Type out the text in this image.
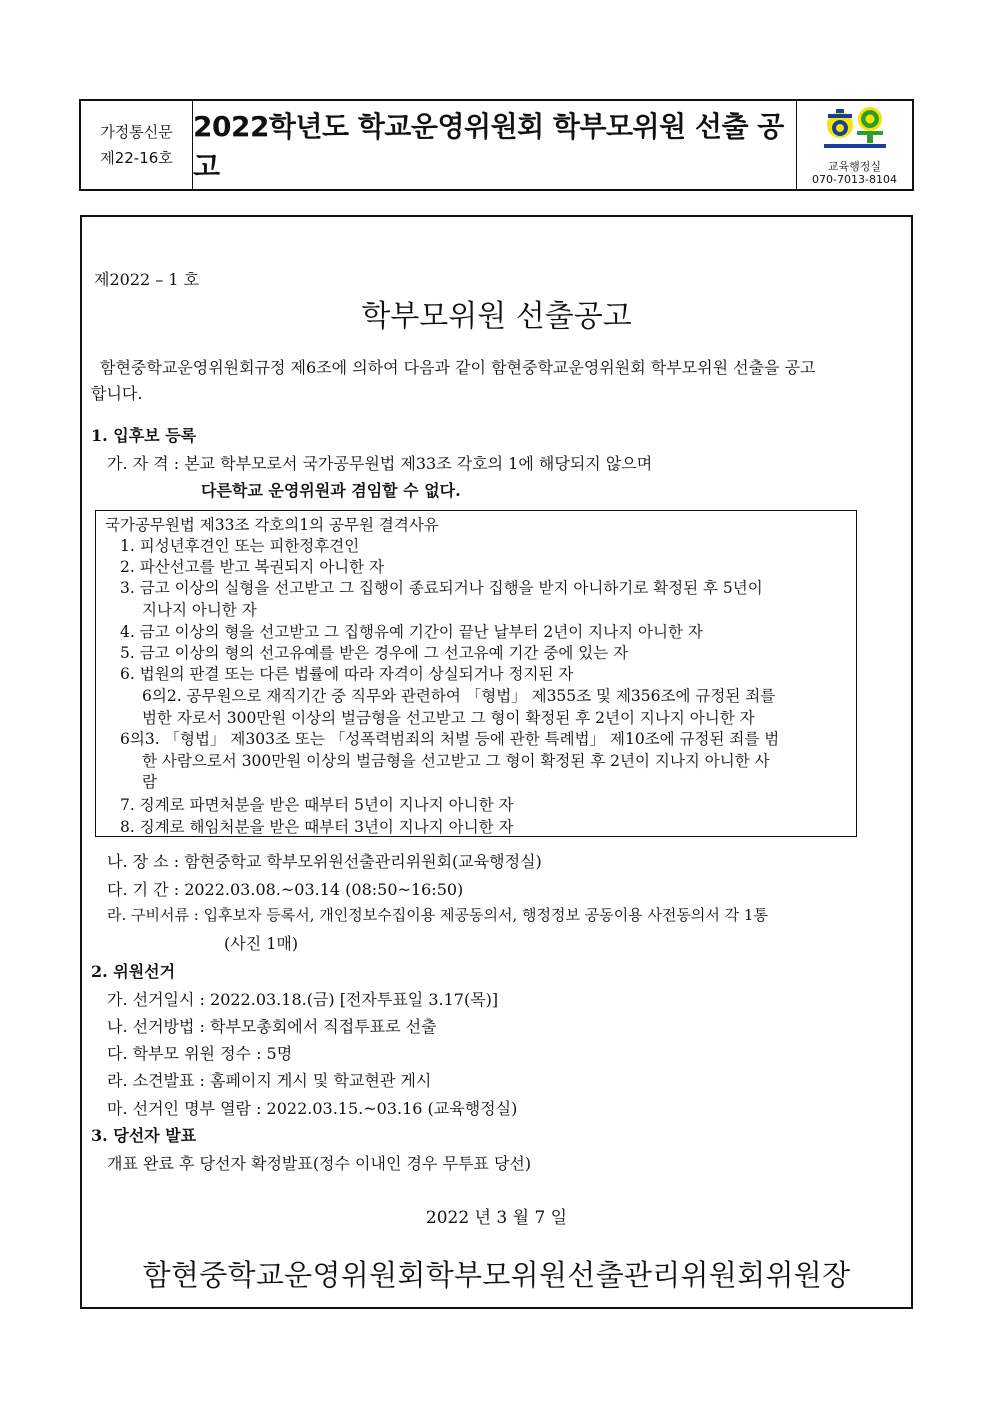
가정통신문
제22-16호
2022학년도 학교운영위원회 학부모위원 선출 공고	교육행정실
070-7013-8104
제2022 – 1 호
학부모위원 선출공고
함현중학교운영위원회규정 제6조에 의하여 다음과 같이 함현중학교운영위원회 학부모위원 선출을 공고
합니다.
1. 입후보 등록
가. 자 격 : 본교 학부모로서 국가공무원법 제33조 각호의 1에 해당되지 않으며
다른학교 운영위원과 겸임할 수 없다.
국가공무원법 제33조 각호의1의 공무원 결격사유
1. 피성년후견인 또는 피한정후견인
2. 파산선고를 받고 복권되지 아니한 자
3. 금고 이상의 실형을 선고받고 그 집행이 종료되거나 집행을 받지 아니하기로 확정된 후 5년이
지나지 아니한 자
4. 금고 이상의 형을 선고받고 그 집행유예 기간이 끝난 날부터 2년이 지나지 아니한 자
5. 금고 이상의 형의 선고유예를 받은 경우에 그 선고유예 기간 중에 있는 자
6. 법원의 판결 또는 다른 법률에 따라 자격이 상실되거나 정지된 자
6의2. 공무원으로 재직기간 중 직무와 관련하여 「형법」 제355조 및 제356조에 규정된 죄를
범한 자로서 300만원 이상의 벌금형을 선고받고 그 형이 확정된 후 2년이 지나지 아니한 자
6의3. 「형법」 제303조 또는 「성폭력범죄의 처벌 등에 관한 특례법」 제10조에 규정된 죄를 범
한 사람으로서 300만원 이상의 벌금형을 선고받고 그 형이 확정된 후 2년이 지나지 아니한 사
람
7. 징계로 파면처분을 받은 때부터 5년이 지나지 아니한 자
8. 징계로 해임처분을 받은 때부터 3년이 지나지 아니한 자
나. 장 소 : 함현중학교 학부모위원선출관리위원회(교육행정실)
다. 기 간 : 2022.03.08.~03.14 (08:50~16:50)
라. 구비서류 : 입후보자 등록서, 개인정보수집이용 제공동의서, 행정정보 공동이용 사전동의서 각 1통
(사진 1매)
2. 위원선거
가. 선거일시 : 2022.03.18.(금) [전자투표일 3.17(목)]
나. 선거방법 : 학부모총회에서 직접투표로 선출
다. 학부모 위원 정수 : 5명
라. 소견발표 : 홈페이지 게시 및 학교현관 게시
마. 선거인 명부 열람 : 2022.03.15.~03.16 (교육행정실)
3. 당선자 발표
개표 완료 후 당선자 확정발표(정수 이내인 경우 무투표 당선)
2022 년 3 월 7 일
함현중학교운영위원회학부모위원선출관리위원회위원장
